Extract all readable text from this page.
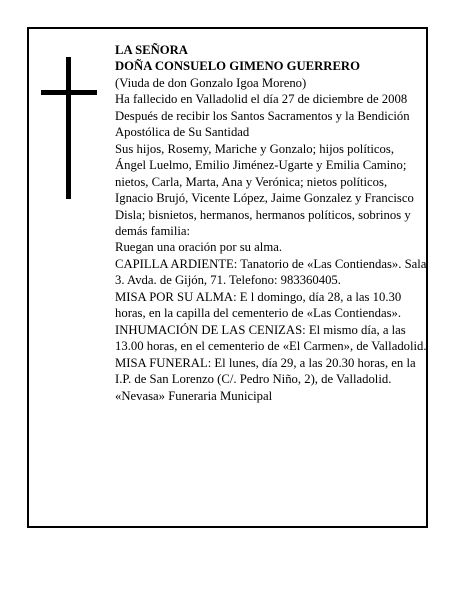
LA SEÑORA

DOÑA CONSUELO GIMENO GUERRERO

(Viuda de don Gonzalo Igoa Moreno)

Ha fallecido en Valladolid el día 27 de diciembre de 2008

Después de recibir los Santos Sacramentos y la Bendición Apostólica de Su Santidad

Sus hijos, Rosemy, Mariche y Gonzalo; hijos políticos, Ángel Luelmo, Emilio Jiménez-Ugarte y Emilia Camino; nietos, Carla, Marta, Ana y Verónica; nietos políticos, Ignacio Brujó, Vicente López, Jaime Gonzalez y Francisco Disla; bisnietos, hermanos, hermanos políticos, sobrinos y demás familia:

Ruegan una oración por su alma.

CAPILLA ARDIENTE: Tanatorio de «Las Contiendas». Sala 3. Avda. de Gijón, 71. Telefono: 983360405.

MISA POR SU ALMA: E l domingo, día 28, a las 10.30 horas, en la capilla del cementerio de «Las Contiendas».

INHUMACIÓN DE LAS CENIZAS: El mismo día, a las 13.00 horas, en el cementerio de «El Carmen», de Valladolid.

MISA FUNERAL: El lunes, día 29, a las 20.30 horas, en la I.P. de San Lorenzo (C/. Pedro Niño, 2), de Valladolid.

«Nevasa» Funeraria Municipal
